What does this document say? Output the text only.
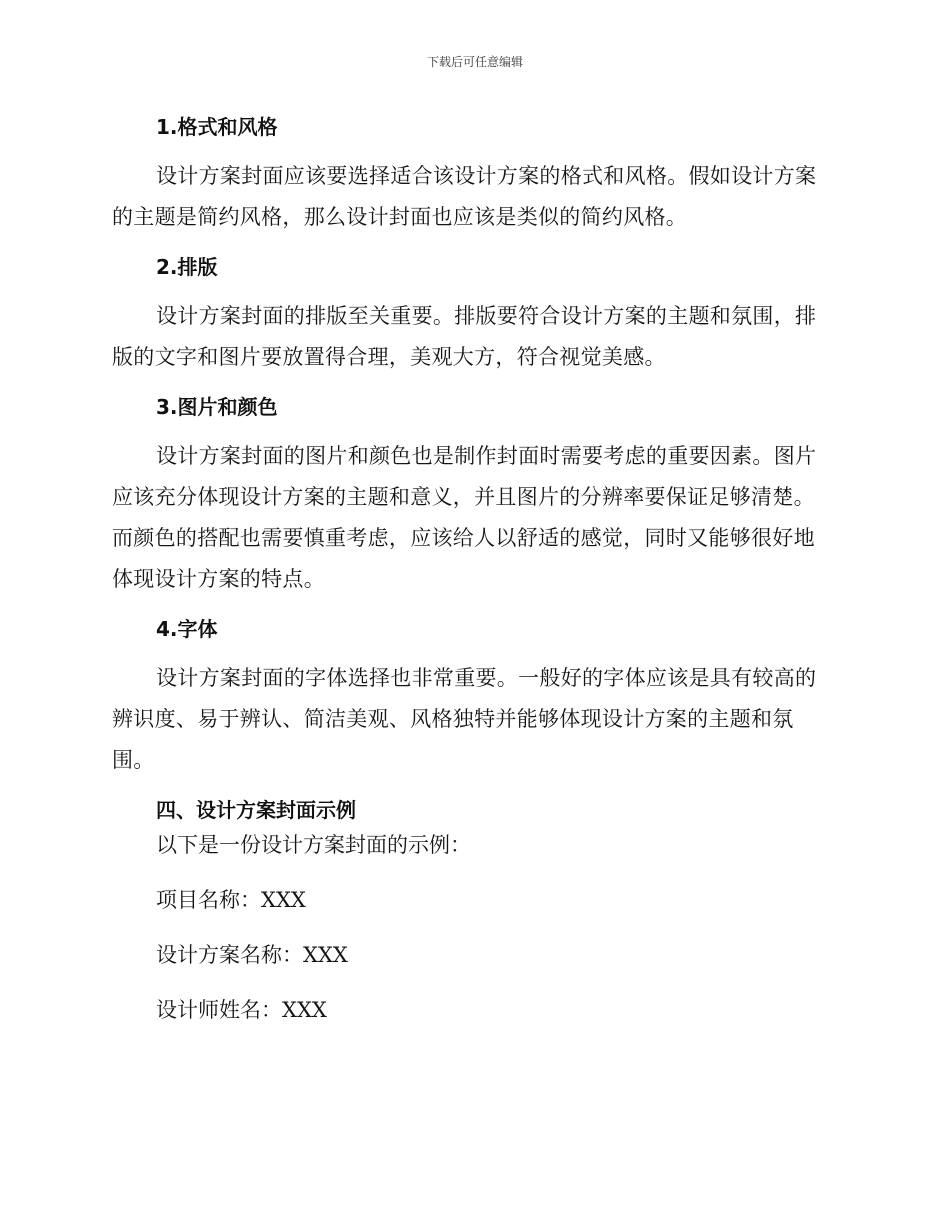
下载后可任意编辑
1.格式和风格

设计方案封面应该要选择适合该设计方案的格式和风格。假如设计方案的主题是简约风格，那么设计封面也应该是类似的简约风格。

2.排版

设计方案封面的排版至关重要。排版要符合设计方案的主题和氛围，排版的文字和图片要放置得合理，美观大方，符合视觉美感。

3.图片和颜色

设计方案封面的图片和颜色也是制作封面时需要考虑的重要因素。图片应该充分体现设计方案的主题和意义，并且图片的分辨率要保证足够清楚。而颜色的搭配也需要慎重考虑，应该给人以舒适的感觉，同时又能够很好地体现设计方案的特点。

4.字体

设计方案封面的字体选择也非常重要。一般好的字体应该是具有较高的辨识度、易于辨认、简洁美观、风格独特并能够体现设计方案的主题和氛围。

四、设计方案封面示例

以下是一份设计方案封面的示例：

项目名称：XXX

设计方案名称：XXX

设计师姓名：XXX
